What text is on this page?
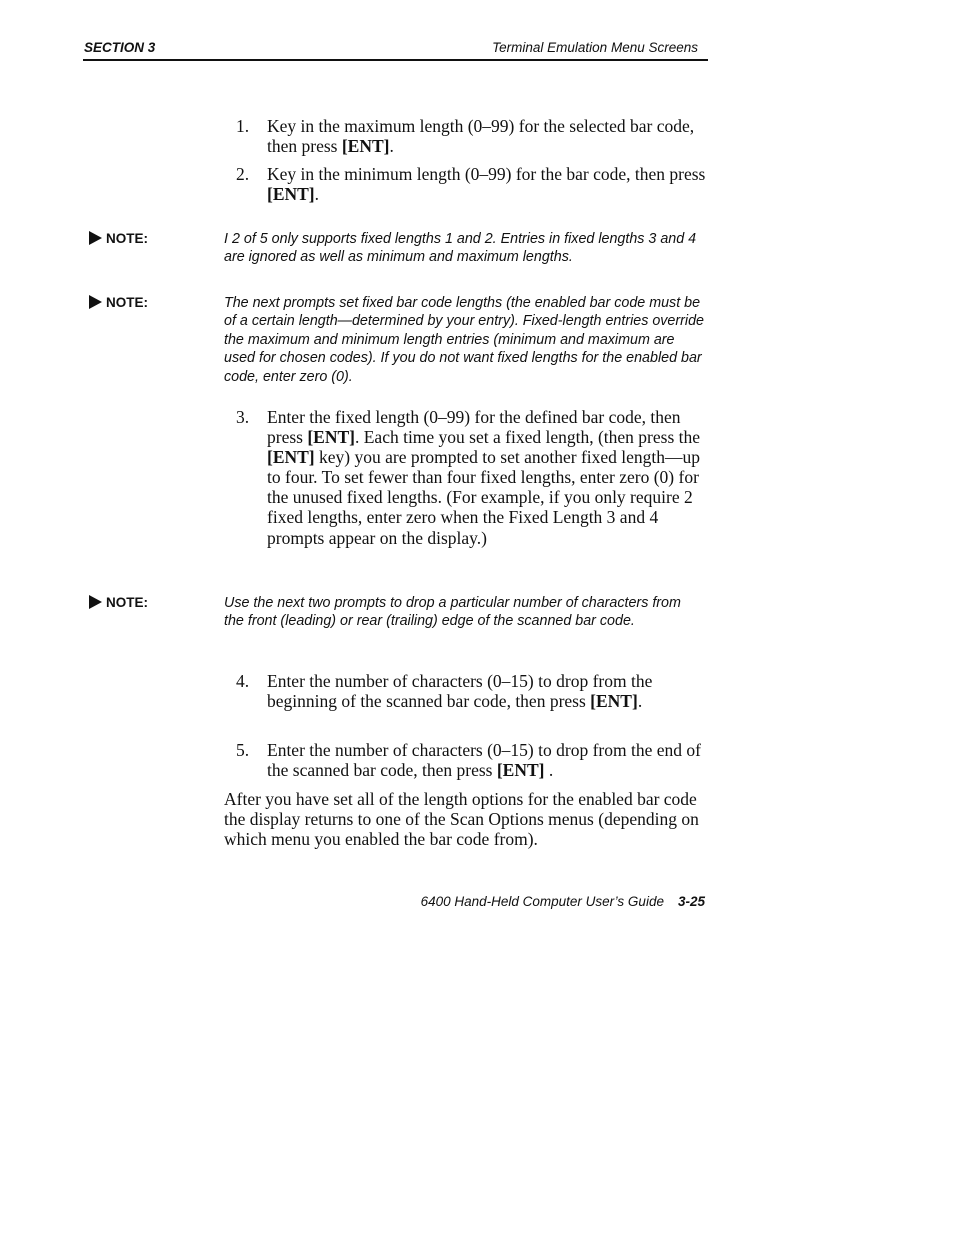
SECTION 3	Terminal Emulation Menu Screens
1. Key in the maximum length (0–99) for the selected bar code, then press [ENT].
2. Key in the minimum length (0–99) for the bar code, then press [ENT].
NOTE:	I 2 of 5 only supports fixed lengths 1 and 2. Entries in fixed lengths 3 and 4 are ignored as well as minimum and maximum lengths.
NOTE:	The next prompts set fixed bar code lengths (the enabled bar code must be of a certain length—determined by your entry). Fixed-length entries override the maximum and minimum length entries (minimum and maximum are used for chosen codes). If you do not want fixed lengths for the enabled bar code, enter zero (0).
3. Enter the fixed length (0–99) for the defined bar code, then press [ENT]. Each time you set a fixed length, (then press the [ENT] key) you are prompted to set another fixed length—up to four. To set fewer than four fixed lengths, enter zero (0) for the unused fixed lengths. (For example, if you only require 2 fixed lengths, enter zero when the Fixed Length 3 and 4 prompts appear on the display.)
NOTE:	Use the next two prompts to drop a particular number of characters from the front (leading) or rear (trailing) edge of the scanned bar code.
4. Enter the number of characters (0–15) to drop from the beginning of the scanned bar code, then press [ENT].
5. Enter the number of characters (0–15) to drop from the end of the scanned bar code, then press [ENT] .
After you have set all of the length options for the enabled bar code the display returns to one of the Scan Options menus (depending on which menu you enabled the bar code from).
6400 Hand-Held Computer User’s Guide 3-25
